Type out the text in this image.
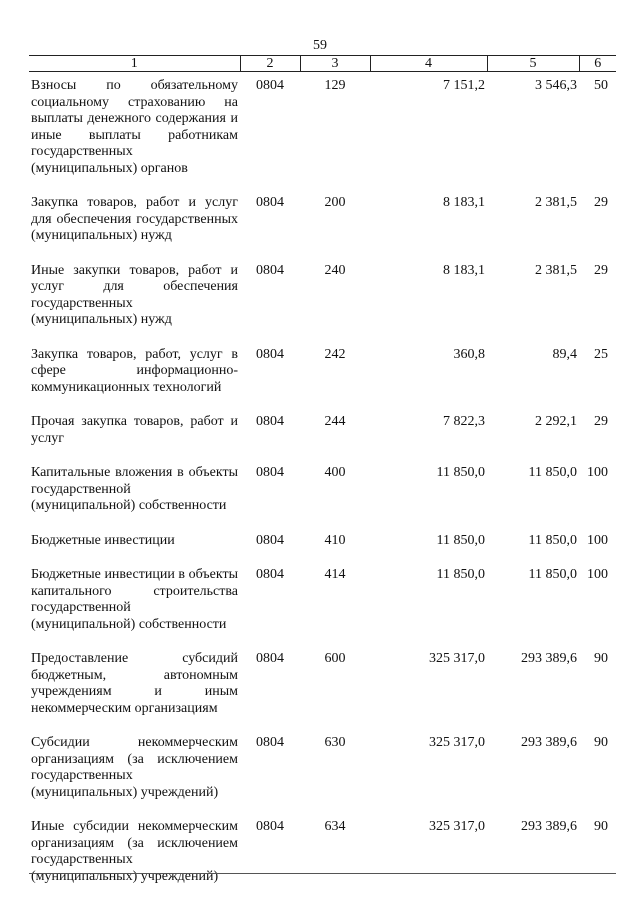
59
1	2	3	4	5	6
Взносы по обязательному социальному страхованию на выплаты денежного содержания и иные выплаты работникам государственных (муниципальных) органов	0804	129	7 151,2	3 546,3	50
Закупка товаров, работ и услуг для обеспечения государственных (муниципальных) нужд	0804	200	8 183,1	2 381,5	29
Иные закупки товаров, работ и услуг для обеспечения государственных (муниципальных) нужд	0804	240	8 183,1	2 381,5	29
Закупка товаров, работ, услуг в сфере информационно-коммуникационных технологий	0804	242	360,8	89,4	25
Прочая закупка товаров, работ и услуг	0804	244	7 822,3	2 292,1	29
Капитальные вложения в объекты государственной (муниципальной) собственности	0804	400	11 850,0	11 850,0	100
Бюджетные инвестиции	0804	410	11 850,0	11 850,0	100
Бюджетные инвестиции в объекты капитального строительства государственной (муниципальной) собственности	0804	414	11 850,0	11 850,0	100
Предоставление субсидий бюджетным, автономным учреждениям и иным некоммерческим организациям	0804	600	325 317,0	293 389,6	90
Субсидии некоммерческим организациям (за исключением государственных (муниципальных) учреждений)	0804	630	325 317,0	293 389,6	90
Иные субсидии некоммерческим организациям (за исключением государственных (муниципальных) учреждений)	0804	634	325 317,0	293 389,6	90
